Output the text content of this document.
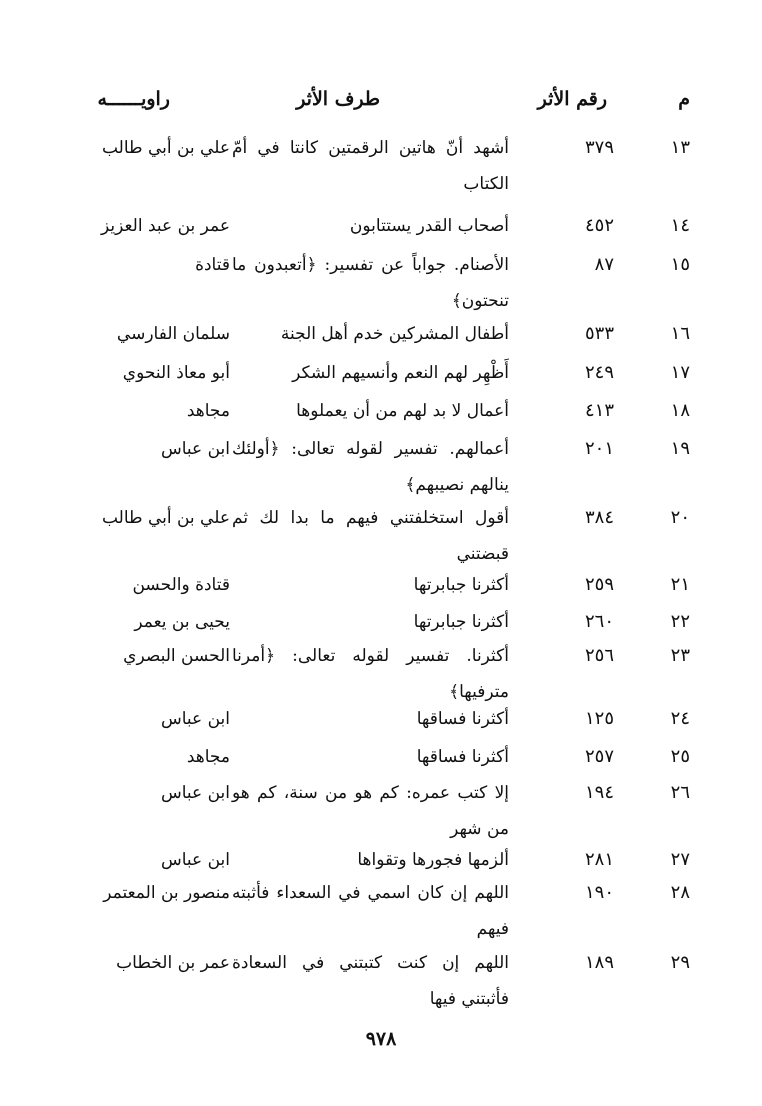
م
رقم الأثر
طرف الأثر
راويــــــه
١٣
٣٧٩
أشهد أنّ هاتين الرقمتين كانتا في أمّ الكتاب
علي بن أبي طالب
١٤
٤٥٢
أصحاب القدر يستتابون
عمر بن عبد العزيز
١٥
٨٧
الأصنام. جواباً عن تفسير: ﴿أتعبدون ما تنحتون﴾
قتادة
١٦
٥٣٣
أطفال المشركين خدم أهل الجنة
سلمان الفارسي
١٧
٢٤٩
أَظْهِر لهم النعم وأنسيهم الشكر
أبو معاذ النحوي
١٨
٤١٣
أعمال لا بد لهم من أن يعملوها
مجاهد
١٩
٢٠١
أعمالهم. تفسير لقوله تعالى: ﴿أولئك ينالهم نصيبهم﴾
ابن عباس
٢٠
٣٨٤
أقول استخلفتني فيهم ما بدا لك ثم قبضتني
علي بن أبي طالب
٢١
٢٥٩
أكثرنا جبابرتها
قتادة والحسن
٢٢
٢٦٠
أكثرنا جبابرتها
يحيى بن يعمر
٢٣
٢٥٦
أكثرنا. تفسير لقوله تعالى: ﴿أمرنا مترفيها﴾
الحسن البصري
٢٤
١٢٥
أكثرنا فساقها
ابن عباس
٢٥
٢٥٧
أكثرنا فساقها
مجاهد
٢٦
١٩٤
إلا كتب عمره: كم هو من سنة، كم هو من شهر
ابن عباس
٢٧
٢٨١
ألزمها فجورها وتقواها
ابن عباس
٢٨
١٩٠
اللهم إن كان اسمي في السعداء فأثبته فيهم
منصور بن المعتمر
٢٩
١٨٩
اللهم إن كنت كتبتني في السعادة فأثبتني فيها
عمر بن الخطاب
٩٧٨
